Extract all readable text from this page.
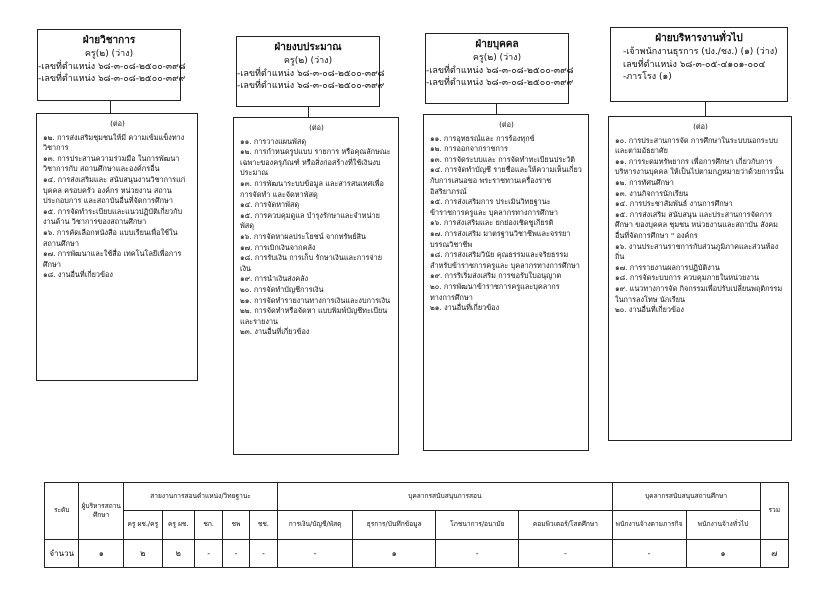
ฝ่ายวิชาการ
ครู(๒) (ว่าง)
-เลขที่ตำแหน่ง ๖๘-๓-๐๘-๒๕๐๐-๓๙๘
-เลขที่ตำแหน่ง ๖๘-๓-๐๘-๒๕๐๐-๓๙๙
ฝ่ายงบประมาณ
ครู(๒) (ว่าง)
-เลขที่ตำแหน่ง ๖๘-๓-๐๘-๒๕๐๐-๓๙๘
-เลขที่ตำแหน่ง ๖๘-๓-๐๘-๒๕๐๐-๓๙๙
ฝ่ายบุคคล
ครู(๒) (ว่าง)
-เลขที่ตำแหน่ง ๖๘-๓-๐๘-๒๕๐๐-๓๙๘
-เลขที่ตำแหน่ง ๖๘-๓-๐๘-๒๕๐๐-๓๙๙
ฝ่ายบริหารงานทั่วไป
-เจ้าพนักงานธุรการ (ปง./ชง.) (๑) (ว่าง)
เลขที่ตำแหน่ง ๖๘-๓-๐๕-๔๑๐๑-๐๐๔
-ภารโรง (๑)
(ต่อ)
๑๒. การส่งเสริมชุมชนให้มี ความเข้มแข็งทางวิชาการ
๑๓. การประสานความร่วมมือ ในการพัฒนาวิชาการกับ สถานศึกษาและองค์กรอื่น
๑๔. การส่งเสริมและ สนับสนุนงานวิชาการแก่ บุคคล ครอบครัว องค์กร หน่วยงาน สถานประกอบการ และสถาบันอื่นที่จัดการศึกษา
๑๕. การจัดทำระเบียบและแนวปฏิบัติเกี่ยวกับงานด้าน วิชาการของสถานศึกษา
๑๖. การคัดเลือกหนังสือ แบบเรียนเพื่อใช้ในสถานศึกษา
๑๗. การพัฒนาและใช้สื่อ เทคโนโลยีเพื่อการศึกษา
๑๘. งานอื่นที่เกี่ยวข้อง
(ต่อ)
๑๑. การวางแผนพัสดุ
๑๒. การกำหนดรูปแบบ รายการ หรือคุณลักษณะ เฉพาะของครุภัณฑ์ หรือสิ่งก่อสร้างที่ใช้เงินงบประมาณ
๑๓. การพัฒนาระบบข้อมูล และสารสนเทศเพื่อการจัดทำ และจัดหาพัสดุ
๑๔. การจัดหาพัสดุ
๑๕. การควบคุมดูแล บำรุงรักษาและจำหน่ายพัสดุ
๑๖. การจัดหาผลประโยชน์ จากทรัพย์สิน
๑๗. การเบิกเงินจากคลัง
๑๘. การรับเงิน การเก็บ รักษาเงินและการจ่ายเงิน
๑๙. การนำเงินส่งคลัง
๒๐. การจัดทำบัญชีการเงิน
๒๑. การจัดทำรายงานทางการเงินและงบการเงิน
๒๒. การจัดทำหรือจัดหา แบบพิมพ์บัญชีทะเบียนและรายงาน
๒๓. งานอื่นที่เกี่ยวข้อง
(ต่อ)
๑๑. การอุทธรณ์และ การร้องทุกข์
๑๒. การออกจากราชการ
๑๓. การจัดระบบและ การจัดทำทะเบียนประวัติ
๑๔. การจัดทำบัญชี รายชื่อและให้ความเห็นเกี่ยวกับการเสนอขอ พระราชทานเครื่องราชอิสริยาภรณ์
๑๕. การส่งเสริมการ ประเมินวิทยฐานะข้าราชการครูและ บุคลากรทางการศึกษา
๑๖. การส่งเสริมและ ยกย่องเชิดชูเกียรติ
๑๗. การส่งเสริม มาตรฐานวิชาชีพและจรรยาบรรณวิชาชีพ
๑๘. การส่งเสริมวินัย คุณธรรมและจริยธรรม สำหรับข้าราชการครูและ บุคลากรทางการศึกษา
๑๙. การริเริ่มส่งเสริม การขอรับใบอนุญาต
๒๐. การพัฒนาข้าราชการครูและบุคลากรทางการศึกษา
๒๑. งานอื่นที่เกี่ยวข้อง
(ต่อ)
๑๐. การประสานการจัด การศึกษาในระบบนอกระบบและตามอัธยาศัย
๑๑. การระดมทรัพยากร เพื่อการศึกษา เกี่ยวกับการบริหารงานบุคคล ให้เป็นไปตามกฎหมายว่าด้วยการนั้น
๑๒. การทัศนศึกษา
๑๓. งานกิจการนักเรียน
๑๔. การประชาสัมพันธ์ งานการศึกษา
๑๕. การส่งเสริม สนับสนุน และประสานการจัดการศึกษา ของบุคคล ชุมชน หน่วยงานและสถาบัน สังคมอื่นที่จัดการศึกษา " องค์กร
๑๖. งานประสานราชการกับส่วนภูมิภาคและส่วนท้องถิ่น
๑๗. การรายงานผลการปฏิบัติงาน
๑๘. การจัดระบบการ ควบคุมภายในหน่วยงาน
๑๙. แนวทางการจัด กิจกรรมเพื่อปรับเปลี่ยนพฤติกรรมในการลงโทษ นักเรียน
๒๐. งานอื่นที่เกี่ยวข้อง
ระดับ	ผู้บริหารสถานศึกษา	สายงานการสอนตำแหน่ง/วิทยฐานะ					บุคลากรสนับสนุนการสอน				บุคลากรสนับสนุนสถานศึกษา		รวม
		ครู ผช./ครู	ครู ผช.	ชก.	ชพ	ชช.	การเงิน/บัญชี/พัสดุ	ธุรการ/บันทึกข้อมูล	โภชนาการ/อนามัย	คอมพิวเตอร์/โสตศึกษา	พนักงานจ้างตามภารกิจ	พนักงานจ้างทั่วไป	
จำนวน	๑	๒	๒	-	-	-	-	๑	-	-	-	๑	๗
